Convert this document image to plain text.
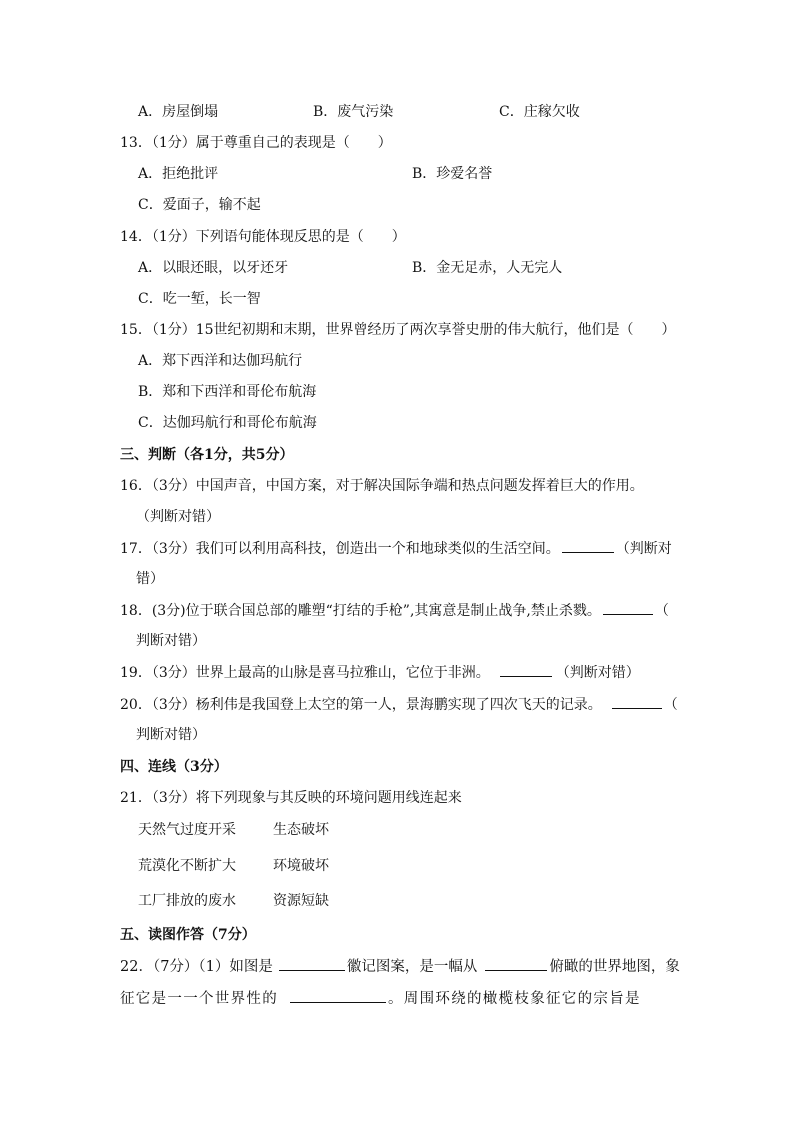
A．房屋倒塌	B．废气污染	C．庄稼欠收
13．（1分）属于尊重自己的表现是（　　）
A．拒绝批评	B．珍爱名誉
C．爱面子，输不起
14．（1分）下列语句能体现反思的是（　　）
A．以眼还眼，以牙还牙	B．金无足赤，人无完人
C．吃一堑，长一智
15．（1分）15世纪初期和末期，世界曾经历了两次享誉史册的伟大航行，他们是（　　）
A．郑下西洋和达伽玛航行
B．郑和下西洋和哥伦布航海
C．达伽玛航行和哥伦布航海
三、判断（各1分，共5分）
16．（3分）中国声音，中国方案，对于解决国际争端和热点问题发挥着巨大的作用。
（判断对错）
17．（3分）我们可以利用高科技，创造出一个和地球类似的生活空间。	（判断对
错）
18．(3分)位于联合国总部的雕塑“打结的手枪”,其寓意是制止战争,禁止杀戮。	（
判断对错）
19．（3分）世界上最高的山脉是喜马拉雅山，它位于非洲。	（判断对错）
20．（3分）杨利伟是我国登上太空的第一人，景海鹏实现了四次飞天的记录。	（
判断对错）
四、连线（3分）
21．（3分）将下列现象与其反映的环境问题用线连起来
天然气过度开采	生态破坏
荒漠化不断扩大	环境破坏
工厂排放的废水	资源短缺
五、读图作答（7分）
22．（7分）（1）如图是	徽记图案，是一幅从	俯瞰的世界地图，象
征它是一一个世界性的	。周围环绕的橄榄枝象征它的宗旨是
